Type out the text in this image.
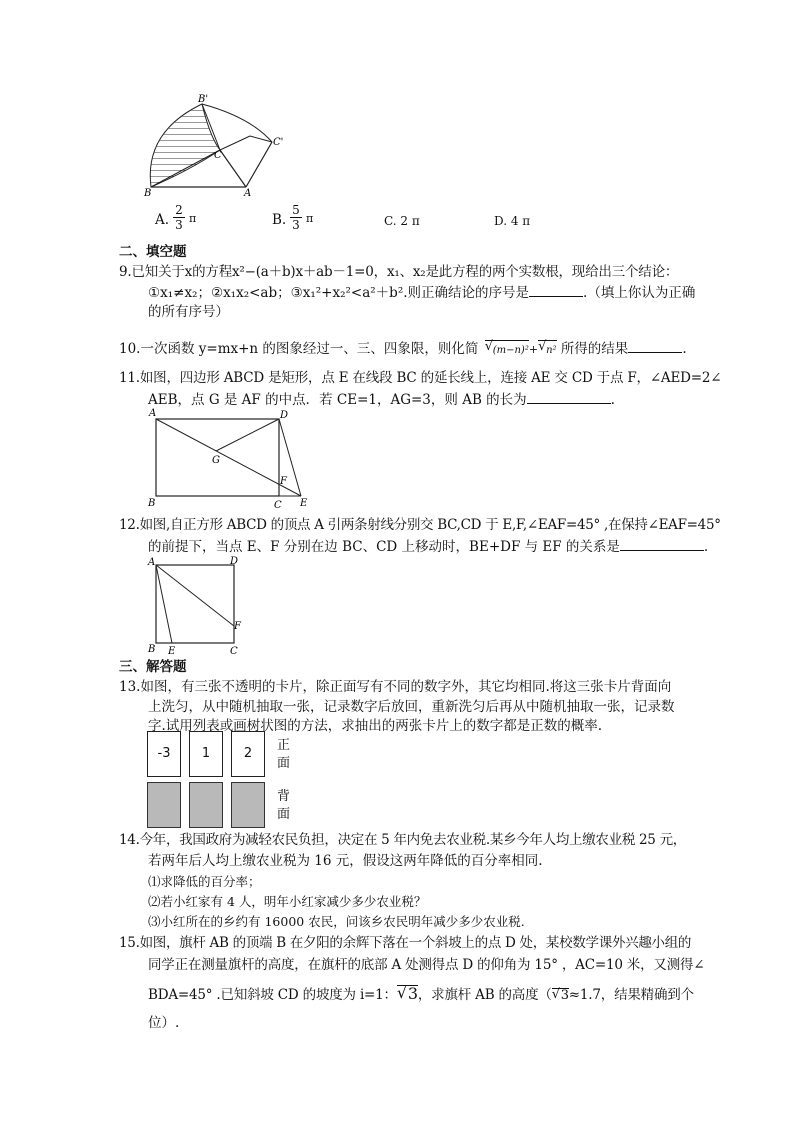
B'
C'
C
B	A
A.
2
3 π	B.
5
3 π	C. 2 π	D. 4 π
二、填空题
9.已知关于x的方程x²−(a＋b)x＋ab－1=0，x₁、x₂是此方程的两个实数根，现给出三个结论：
①x₁≠x₂；②x₁x₂<ab；③x₁²+x₂²<a²＋b².则正确结论的序号是	.（填上你认为正确
的所有序号）
10.一次函数 y=mx+n 的图象经过一、三、四象限，则化简 √ (m−n)²+ √ n² 所得的结果	.
11.如图，四边形 ABCD 是矩形，点 E 在线段 BC 的延长线上，连接 AE 交 CD 于点 F，∠AED=2∠
AEB，点 G 是 AF 的中点．若 CE=1，AG=3，则 AB 的长为	.
A	D
G
F
B	C E
12.如图,自正方形 ABCD 的顶点 A 引两条射线分别交 BC,CD 于 E,F,∠EAF=45° ,在保持∠EAF=45°
的前提下，当点 E、F 分别在边 BC、CD 上移动时，BE+DF 与 EF 的关系是	.
A	D
F
B E	C
三、解答题
13.如图，有三张不透明的卡片，除正面写有不同的数字外，其它均相同.将这三张卡片背面向
上洗匀，从中随机抽取一张，记录数字后放回，重新洗匀后再从中随机抽取一张，记录数
字.试用列表或画树状图的方法，求抽出的两张卡片上的数字都是正数的概率.
-3	1	2
正
面
背
面
14.今年，我国政府为减轻农民负担，决定在 5 年内免去农业税.某乡今年人均上缴农业税 25 元，
若两年后人均上缴农业税为 16 元，假设这两年降低的百分率相同.
⑴求降低的百分率；
⑵若小红家有 4 人，明年小红家减少多少农业税？
⑶小红所在的乡约有 16000 农民，问该乡农民明年减少多少农业税.
15.如图，旗杆 AB 的顶端 B 在夕阳的余辉下落在一个斜坡上的点 D 处，某校数学课外兴趣小组的
同学正在测量旗杆的高度，在旗杆的底部 A 处测得点 D 的仰角为 15° ，AC=10 米，又测得∠
BDA=45° .已知斜坡 CD 的坡度为 i=1： √ 3，求旗杆 AB 的高度（ √ 3≈1.7，结果精确到个
位）.
